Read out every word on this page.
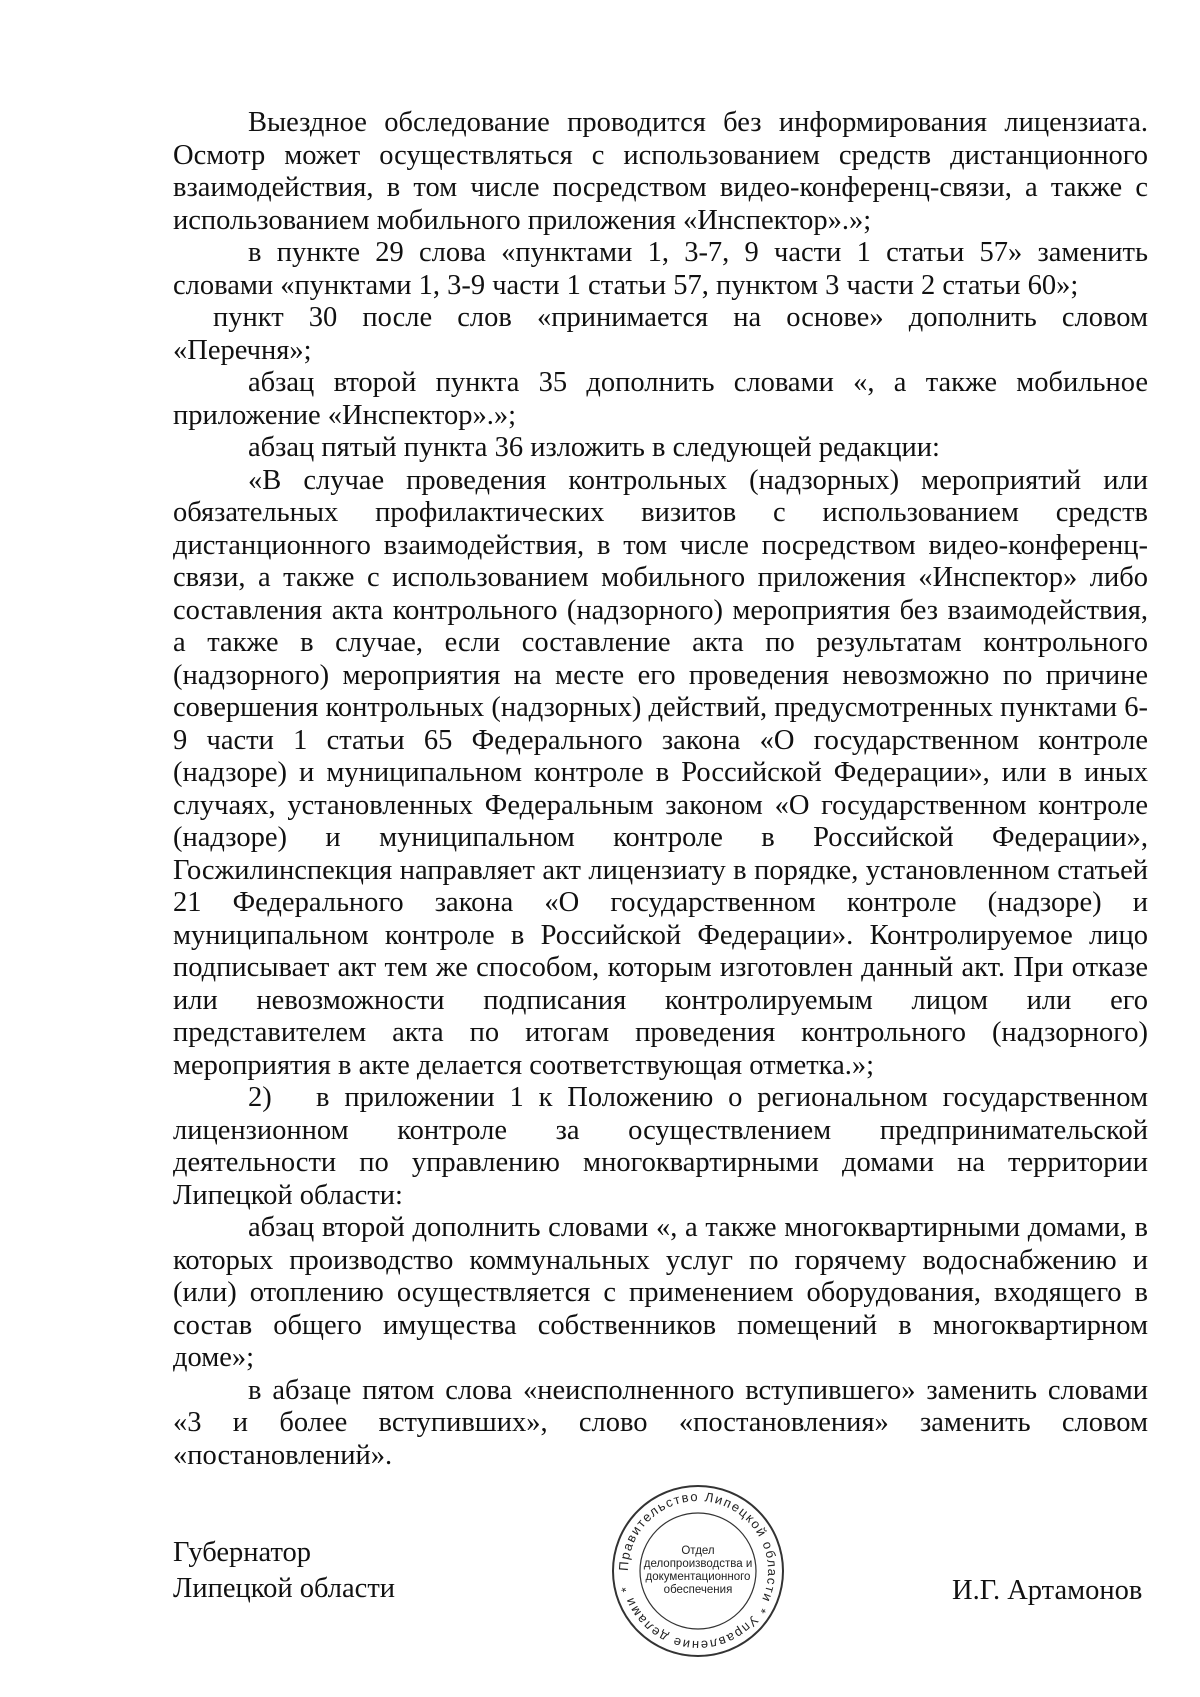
Выездное обследование проводится без информирования лицензиата. Осмотр может осуществляться с использованием средств дистанционного взаимодействия, в том числе посредством видео-конференц-связи, а также с использованием мобильного приложения «Инспектор».»;

в пункте 29 слова «пунктами 1, 3-7, 9 части 1 статьи 57» заменить словами «пунктами 1, 3-9 части 1 статьи 57, пунктом 3 части 2 статьи 60»;

пункт 30 после слов «принимается на основе» дополнить словом «Перечня»;

абзац второй пункта 35 дополнить словами «, а также мобильное приложение «Инспектор».»;

абзац пятый пункта 36 изложить в следующей редакции:

«В случае проведения контрольных (надзорных) мероприятий или обязательных профилактических визитов с использованием средств дистанционного взаимодействия, в том числе посредством видео-конференц-связи, а также с использованием мобильного приложения «Инспектор» либо составления акта контрольного (надзорного) мероприятия без взаимодействия, а также в случае, если составление акта по результатам контрольного (надзорного) мероприятия на месте его проведения невозможно по причине совершения контрольных (надзорных) действий, предусмотренных пунктами 6-9 части 1 статьи 65 Федерального закона «О государственном контроле (надзоре) и муниципальном контроле в Российской Федерации», или в иных случаях, установленных Федеральным законом «О государственном контроле (надзоре) и муниципальном контроле в Российской Федерации», Госжилинспекция направляет акт лицензиату в порядке, установленном статьей 21 Федерального закона «О государственном контроле (надзоре) и муниципальном контроле в Российской Федерации». Контролируемое лицо подписывает акт тем же способом, которым изготовлен данный акт. При отказе или невозможности подписания контролируемым лицом или его представителем акта по итогам проведения контрольного (надзорного) мероприятия в акте делается соответствующая отметка.»;

2) в приложении 1 к Положению о региональном государственном лицензионном контроле за осуществлением предпринимательской деятельности по управлению многоквартирными домами на территории Липецкой области:

абзац второй дополнить словами «, а также многоквартирными домами, в которых производство коммунальных услуг по горячему водоснабжению и (или) отоплению осуществляется с применением оборудования, входящего в состав общего имущества собственников помещений в многоквартирном доме»;

в абзаце пятом слова «неисполненного вступившего» заменить словами «3 и более вступивших», слово «постановления» заменить словом «постановлений».

Губернатор
Липецкой области
Правительство Липецкой области * Управление делами *
Отдел
делопроизводства и
документационного
обеспечения	И.Г. Артамонов
